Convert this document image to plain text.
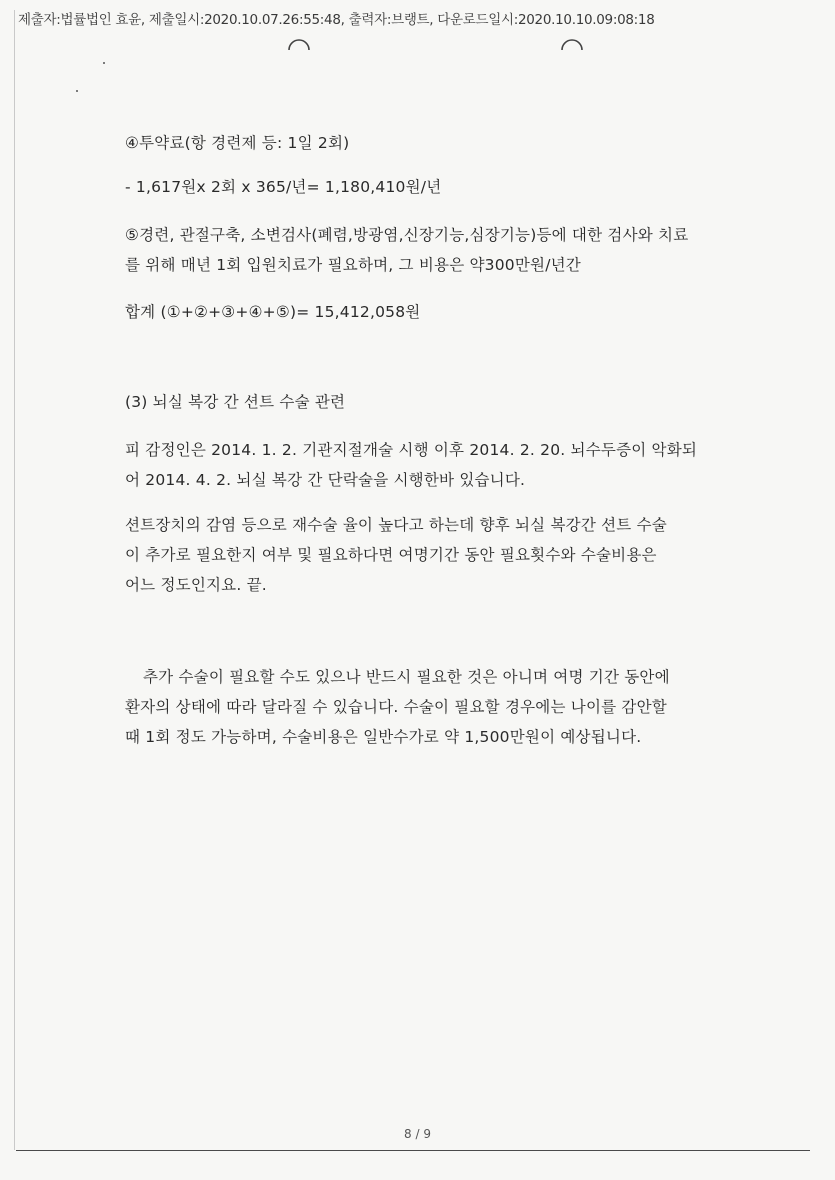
제출자:법률법인 효윤, 제출일시:2020.10.07.26:55:48, 출력자:브랭트, 다운로드일시:2020.10.10.09:08:18
④투약료(항 경련제 등: 1일 2회)
- 1,617원x 2회 x 365/년= 1,180,410원/년
⑤경련, 관절구축, 소변검사(폐렴,방광염,신장기능,심장기능)등에 대한 검사와 치료
를 위해 매년 1회 입원치료가 필요하며, 그 비용은 약300만원/년간
합계 (①+②+③+④+⑤)= 15,412,058원
(3) 뇌실 복강 간 션트 수술 관련
피 감정인은 2014. 1. 2. 기관지절개술 시행 이후 2014. 2. 20. 뇌수두증이 악화되
어 2014. 4. 2. 뇌실 복강 간 단락술을 시행한바 있습니다.
션트장치의 감염 등으로 재수술 율이 높다고 하는데 향후 뇌실 복강간 션트 수술
이 추가로 필요한지 여부 및 필요하다면 여명기간 동안 필요횟수와 수술비용은
어느 정도인지요. 끝.
추가 수술이 필요할 수도 있으나 반드시 필요한 것은 아니며 여명 기간 동안에
환자의 상태에 따라 달라질 수 있습니다. 수술이 필요할 경우에는 나이를 감안할
때 1회 정도 가능하며, 수술비용은 일반수가로 약 1,500만원이 예상됩니다.
8 / 9
